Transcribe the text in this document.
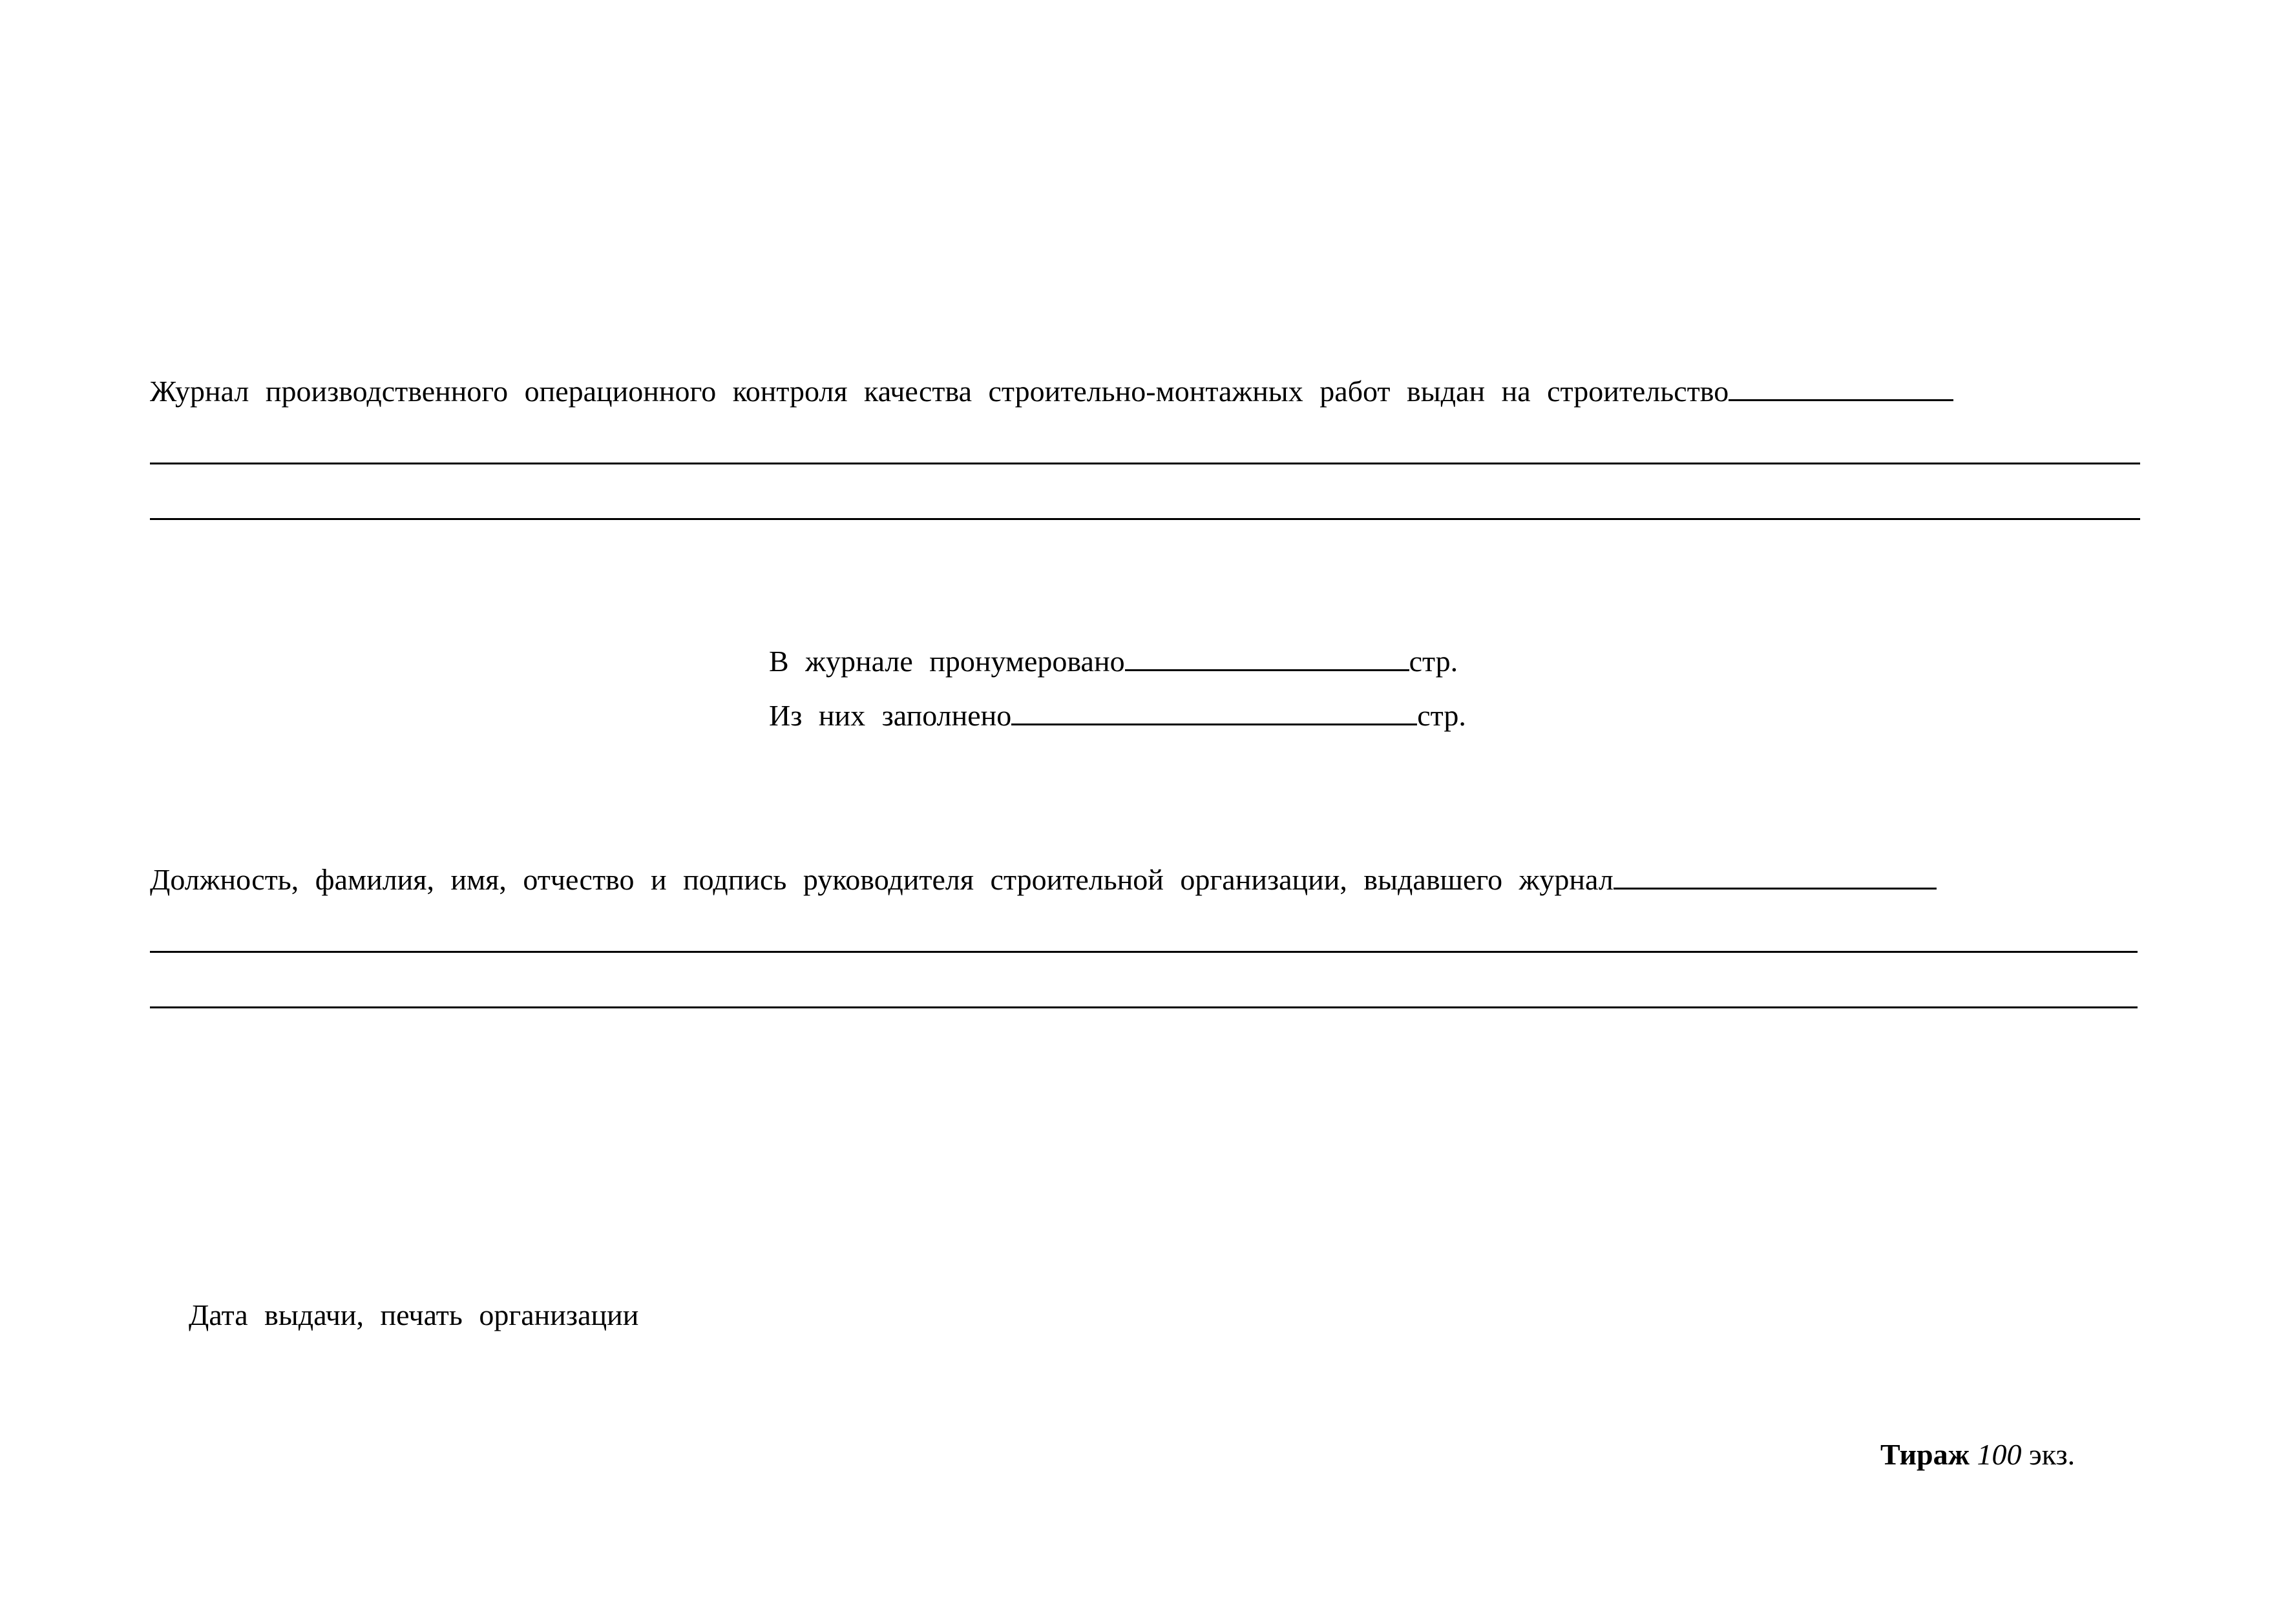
Журнал производственного операционного контроля качества строительно-монтажных работ выдан на строительство
В журнале пронумеровано	стр.
Из них заполнено	стр.
Должность, фамилия, имя, отчество и подпись руководителя строительной организации, выдавшего журнал
Дата выдачи, печать организации
Тираж 100 экз.
